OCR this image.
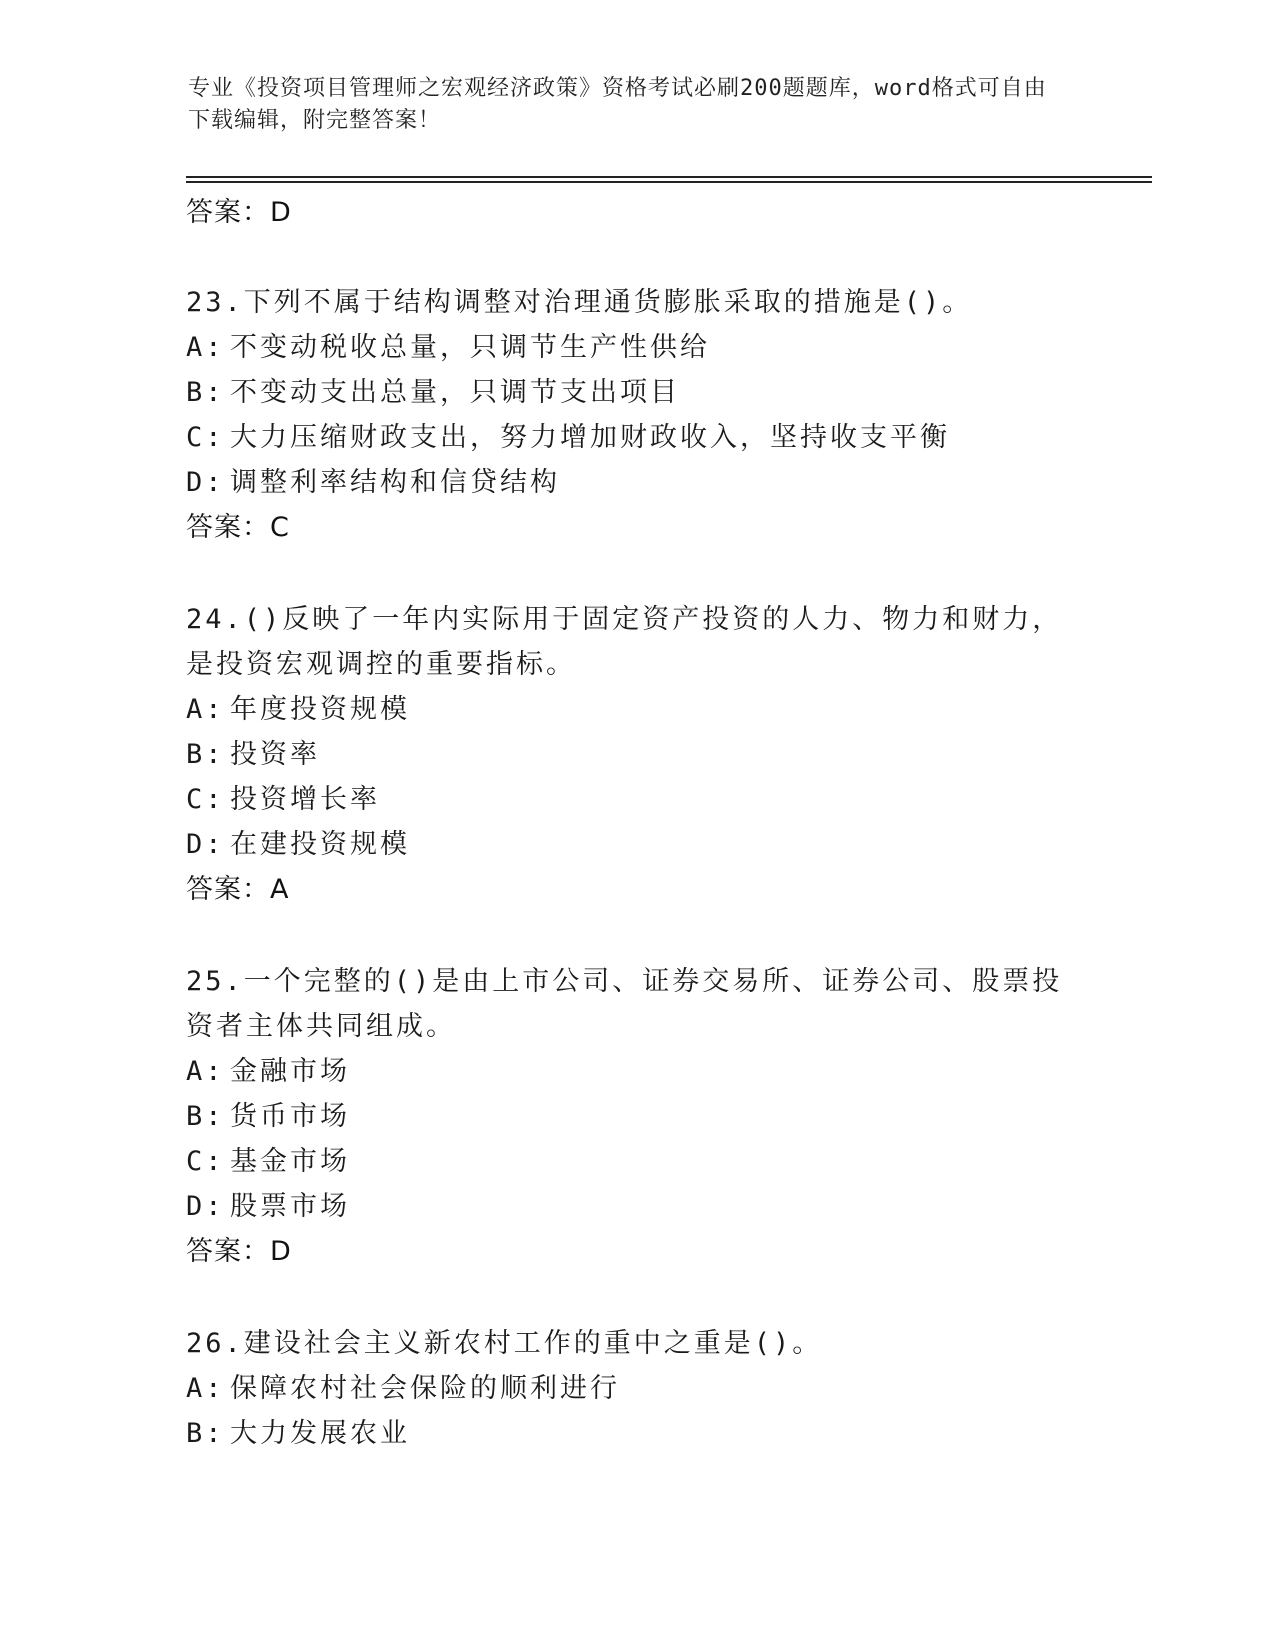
专业《投资项目管理师之宏观经济政策》资格考试必刷200题题库，word格式可自由下载编辑，附完整答案！
答案：D

23.下列不属于结构调整对治理通货膨胀采取的措施是()。

A: 不变动税收总量，只调节生产性供给
B: 不变动支出总量，只调节支出项目
C: 大力压缩财政支出，努力增加财政收入，坚持收支平衡
D: 调整利率结构和信贷结构
答案：C

24.()反映了一年内实际用于固定资产投资的人力、物力和财力，是投资宏观调控的重要指标。

A: 年度投资规模
B: 投资率
C: 投资增长率
D: 在建投资规模
答案：A

25.一个完整的()是由上市公司、证券交易所、证券公司、股票投资者主体共同组成。

A: 金融市场
B: 货币市场
C: 基金市场
D: 股票市场
答案：D

26.建设社会主义新农村工作的重中之重是()。

A: 保障农村社会保险的顺利进行
B: 大力发展农业
